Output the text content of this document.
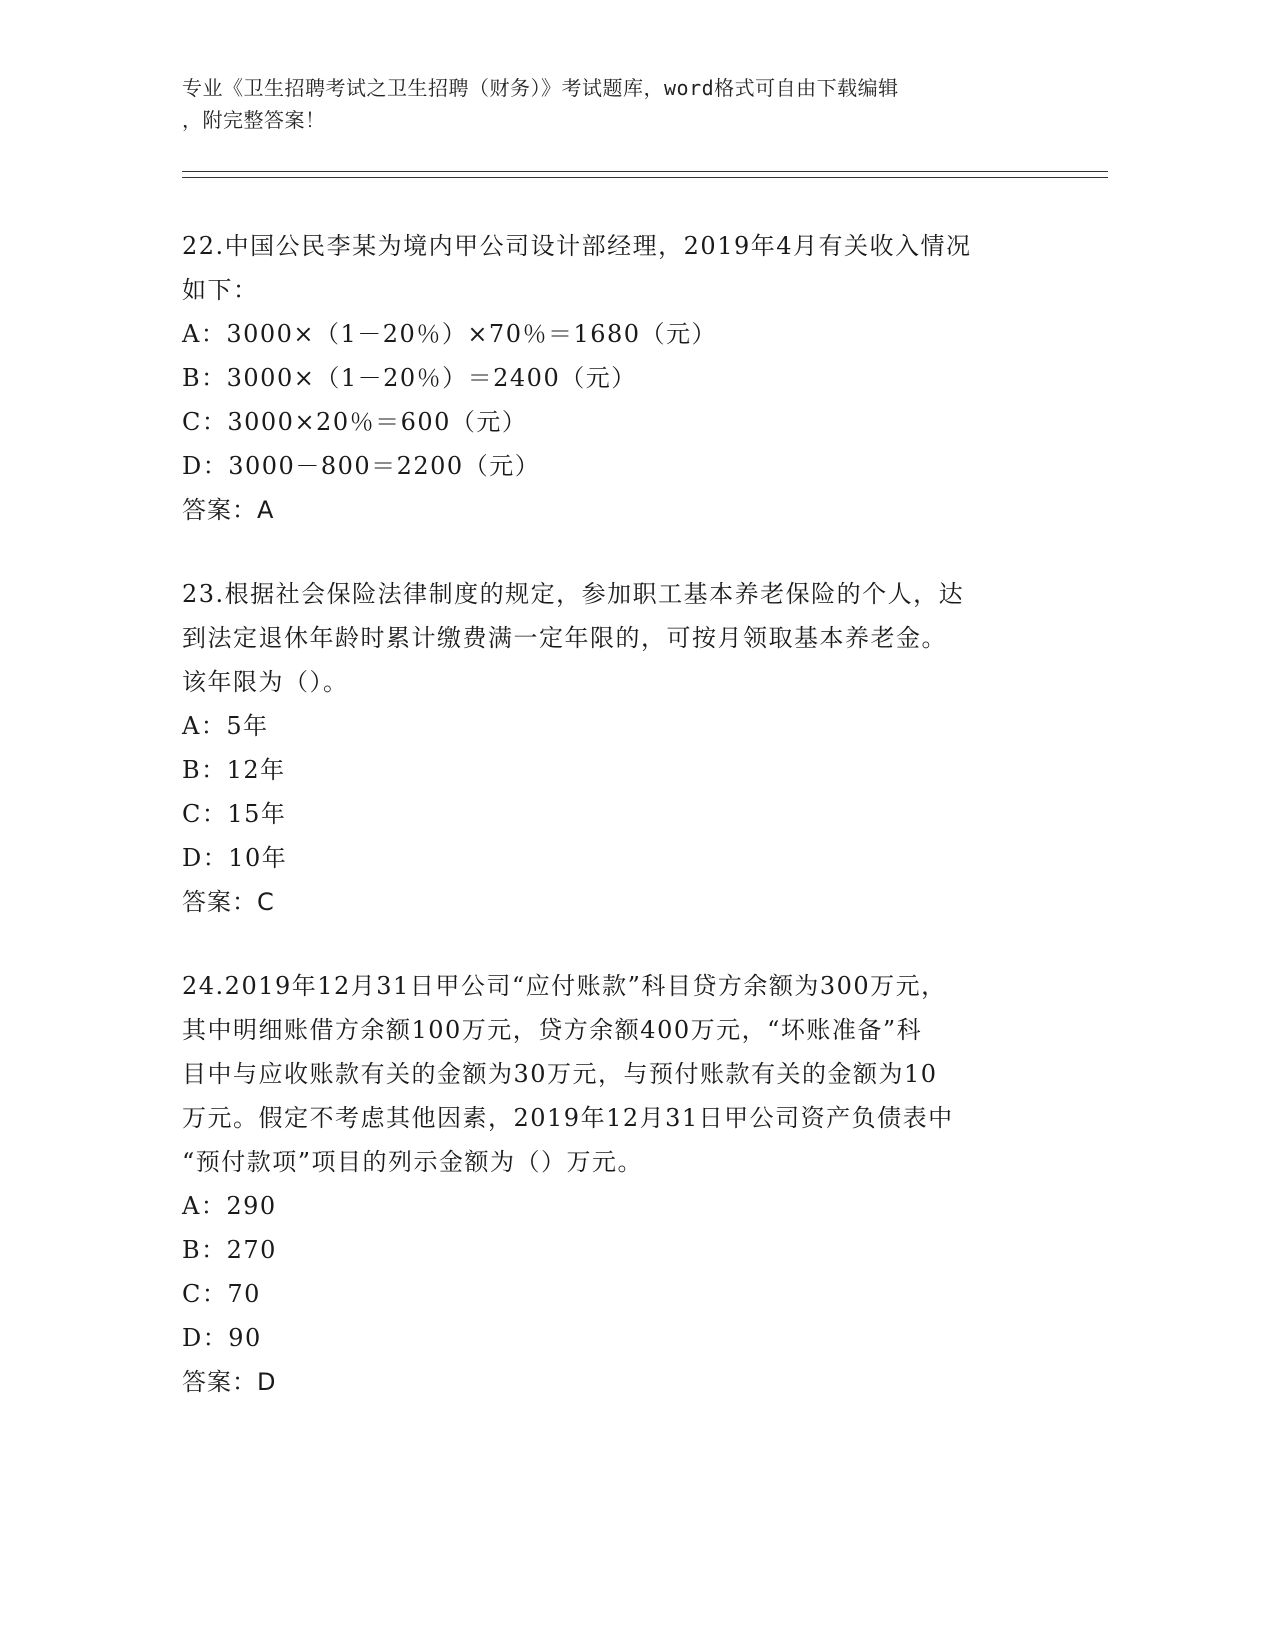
专业《卫生招聘考试之卫生招聘（财务）》考试题库，word格式可自由下载编辑
，附完整答案！
22.中国公民李某为境内甲公司设计部经理，2019年4月有关收入情况
如下：
A：3000×（1－20％）×70％＝1680（元）
B：3000×（1－20％）＝2400（元）
C：3000×20％＝600（元）
D：3000－800＝2200（元）
答案：A
23.根据社会保险法律制度的规定，参加职工基本养老保险的个人，达
到法定退休年龄时累计缴费满一定年限的，可按月领取基本养老金。
该年限为（）。
A：5年
B：12年
C：15年
D：10年
答案：C
24.2019年12月31日甲公司“应付账款”科目贷方余额为300万元，
其中明细账借方余额100万元，贷方余额400万元，“坏账准备”科
目中与应收账款有关的金额为30万元，与预付账款有关的金额为10
万元。假定不考虑其他因素，2019年12月31日甲公司资产负债表中
“预付款项”项目的列示金额为（）万元。
A：290
B：270
C：70
D：90
答案：D
